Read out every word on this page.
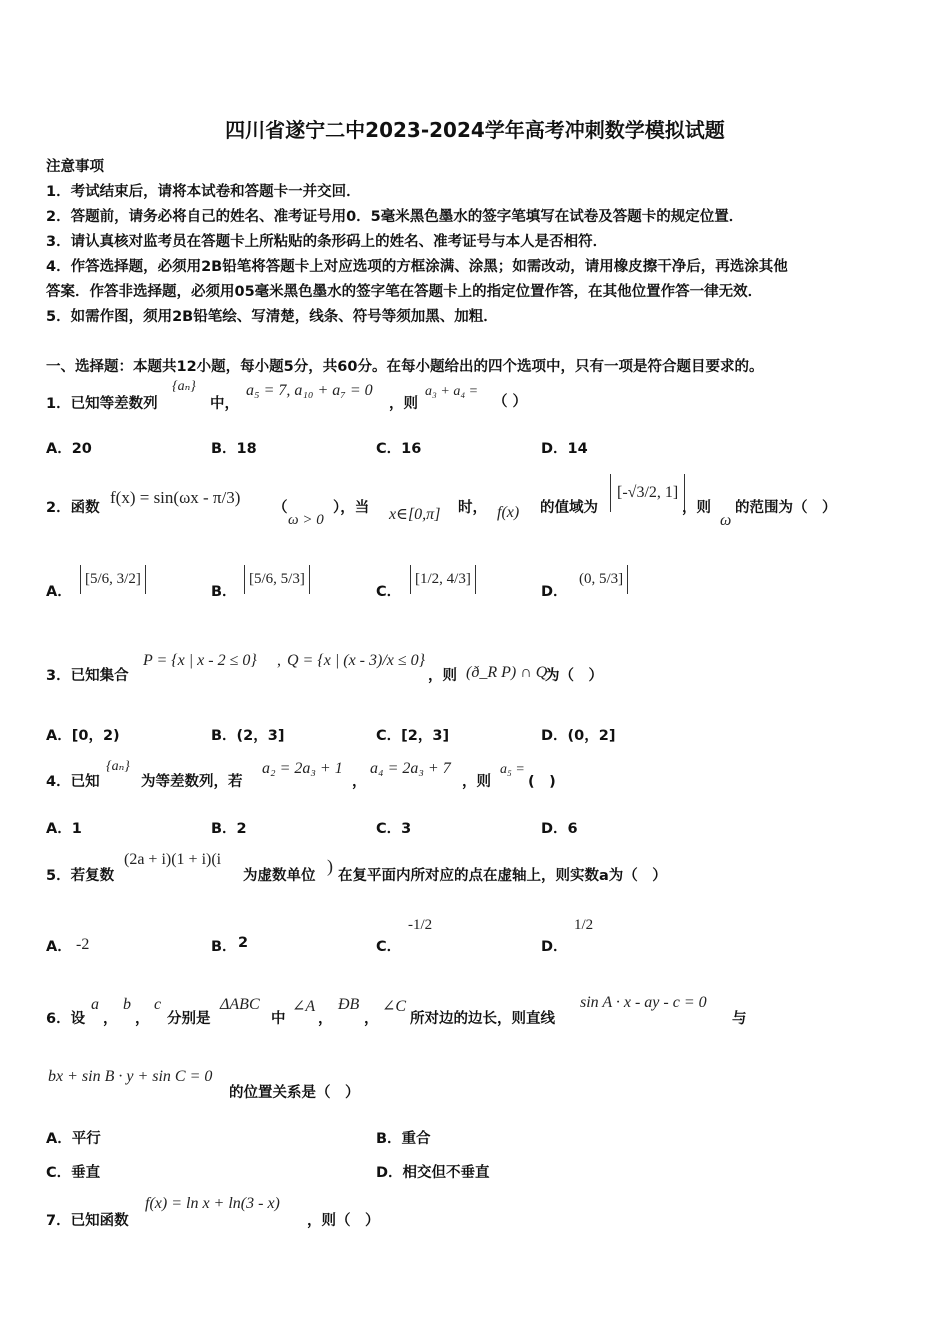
四川省遂宁二中2023-2024学年高考冲刺数学模拟试题
注意事项
1．考试结束后，请将本试卷和答题卡一并交回．
2．答题前，请务必将自己的姓名、准考证号用0．5毫米黑色墨水的签字笔填写在试卷及答题卡的规定位置．
3．请认真核对监考员在答题卡上所粘贴的条形码上的姓名、准考证号与本人是否相符．
4．作答选择题，必须用2B铅笔将答题卡上对应选项的方框涂满、涂黑；如需改动，请用橡皮擦干净后，再选涂其他
答案．作答非选择题，必须用05毫米黑色墨水的签字笔在答题卡上的指定位置作答，在其他位置作答一律无效．
5．如需作图，须用2B铅笔绘、写清楚，线条、符号等须加黑、加粗．
一、选择题：本题共12小题，每小题5分，共60分。在每小题给出的四个选项中，只有一项是符合题目要求的。
1．已知等差数列
{aₙ}
中，
a₅ = 7, a₁₀ + a₇ = 0
，则
a₃ + a₄ =
（ ）
A．20	B．18	C．16	D．14
2．函数
f(x) = sin(ωx - π/3)
（
ω > 0
），当 x∈[0,π] 时， f(x) 的值域为
[-√3/2, 1]
，则
ω
的范围为（　）
A．
[5/6, 3/2]
B．
[5/6, 5/3]
C．
[1/2, 4/3]
D．
(0, 5/3]
3．已知集合
P = {x | x - 2 ≤ 0} , Q = {x | (x - 3)/x ≤ 0}
，则 (ð_R P) ∩ Q
为（　）
A．[0，2)	B．(2，3]	C．[2，3]	D．(0，2]
4．已知
{aₙ}
为等差数列，若
a₂ = 2a₃ + 1
，
a₄ = 2a₃ + 7
，则
a₅ =
(　)
A．1	B．2	C．3	D．6
5．若复数
(2a + i)(1 + i)(i
为虚数单位 ) 在复平面内所对应的点在虚轴上，则实数a为（　）
A． -2	B． 2	C．
-1/2
D．
1/2
6．设
a
，
b
，
c
分别是
ΔABC
中
∠A
，
ÐB
，
∠C
所对边的边长，则直线
sin A · x - ay - c = 0
与
bx + sin B · y + sin C = 0
的位置关系是（　）
A．平行	B．重合
C．垂直	D．相交但不垂直
7．已知函数
f(x) = ln x + ln(3 - x)
，则（　）
